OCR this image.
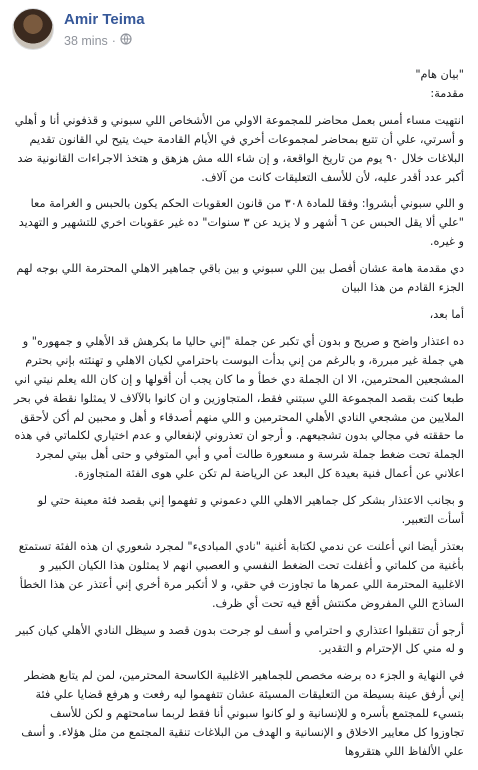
Amir Teima
38 mins ·

"بيان هام"

مقدمة:

انتهيت مساء أمس بعمل محاضر للمجموعة الاولي من الأشخاص اللي سبوني و قذفوني أنا و أهلي و أسرتي، علي أن تتبع بمحاضر لمجموعات أخري في الأيام القادمة حيث يتيح لي القانون تقديم البلاغات خلال ٩٠ يوم من تاريخ الواقعة، و إن شاء الله مش هزهق و هتخذ الاجراءات القانونية ضد أكبر عدد أقدر عليه، لأن للأسف التعليقات كانت من آلاف.

و اللي سبوني أبشروا: وفقا للمادة ٣٠٨ من قانون العقوبات الحكم يكون بالحبس و الغرامة معا "علي ألا يقل الحبس عن ٦ أشهر و لا يزيد عن ٣ سنوات" ده غير عقوبات اخري للتشهير و التهديد و غيره.

دي مقدمة هامة عشان أفصل بين اللي سبوني و بين باقي جماهير الاهلي المحترمة اللي بوجه لهم الجزء القادم من هذا البيان

أما بعد،

ده اعتذار واضح و صريح و بدون أي تكبر عن جملة "إني حاليا ما بكرهش قد الأهلي و جمهوره" و هي جملة غير مبررة، و بالرغم من إني بدأت البوست باحترامي لكيان الاهلي و تهنئته بإني بحترم المشجعين المحترمين، الا ان الجملة دي خطأ و ما كان يجب أن أقولها و إن كان الله يعلم نيتي اني طبعا كنت بقصد المجموعة اللي سبتني فقط، المتجاوزين و ان كانوا بالآلاف لا يمثلوا نقطة في بحر الملايين من مشجعي النادي الأهلي المحترمين و اللي منهم أصدقاء و أهل و محبين لم أكن لأحقق ما حققته في مجالي بدون تشجيعهم. و أرجو ان تعذروني لإنفعالي و عدم اختياري لكلماتي في هذه الجملة تحت ضغط جملة شرسة و مسعورة طالت أمي و أبي المتوفي و حتى أهل بيتي لمجرد اعلاني عن أعمال فنية بعيدة كل البعد عن الرياضة لم تكن علي هوى الفئة المتجاوزة.

و بجانب الاعتذار بشكر كل جماهير الاهلي اللي دعموني و تفهموا إني بقصد فئة معينة حتي لو أسأت التعبير.

بعتذر أيضا اني أعلنت عن ندمي لكتابة أغنية "نادي المبادىء" لمجرد شعوري ان هذه الفئة تستمتع بأغنية من كلماتي و أغفلت تحت الضغط النفسي و العصبي انهم لا يمثلون هذا الكيان الكبير و الاغلبية المحترمة اللي عمرها ما تجاوزت في حقي، و لا أتكبر مرة أخري إني أعتذر عن هذا الخطأ الساذج اللي المفروض مكنتش أقع فيه تحت أي ظرف.

أرجو أن تتقبلوا اعتذاري و احترامي و أسف لو جرحت بدون قصد و سيظل النادي الأهلي كيان كبير و له مني كل الإحترام و التقدير.

في النهاية و الجزء ده برضه مخصص للجماهير الاغلبية الكاسحة المحترمين، لمن لم يتابع هضطر إني أرفق عينة بسيطة من التعليقات المسيئة عشان تتفهموا ليه رفعت و هرفع قضايا علي فئة بتسيء للمجتمع بأسره و للإنسانية و لو كانوا سبوني أنا فقط لربما سامحتهم و لكن للأسف تجاوزوا كل معايير الاخلاق و الإنسانية و الهدف من البلاغات تنقية المجتمع من مثل هؤلاء. و أسف علي الألفاظ اللي هتقروها
